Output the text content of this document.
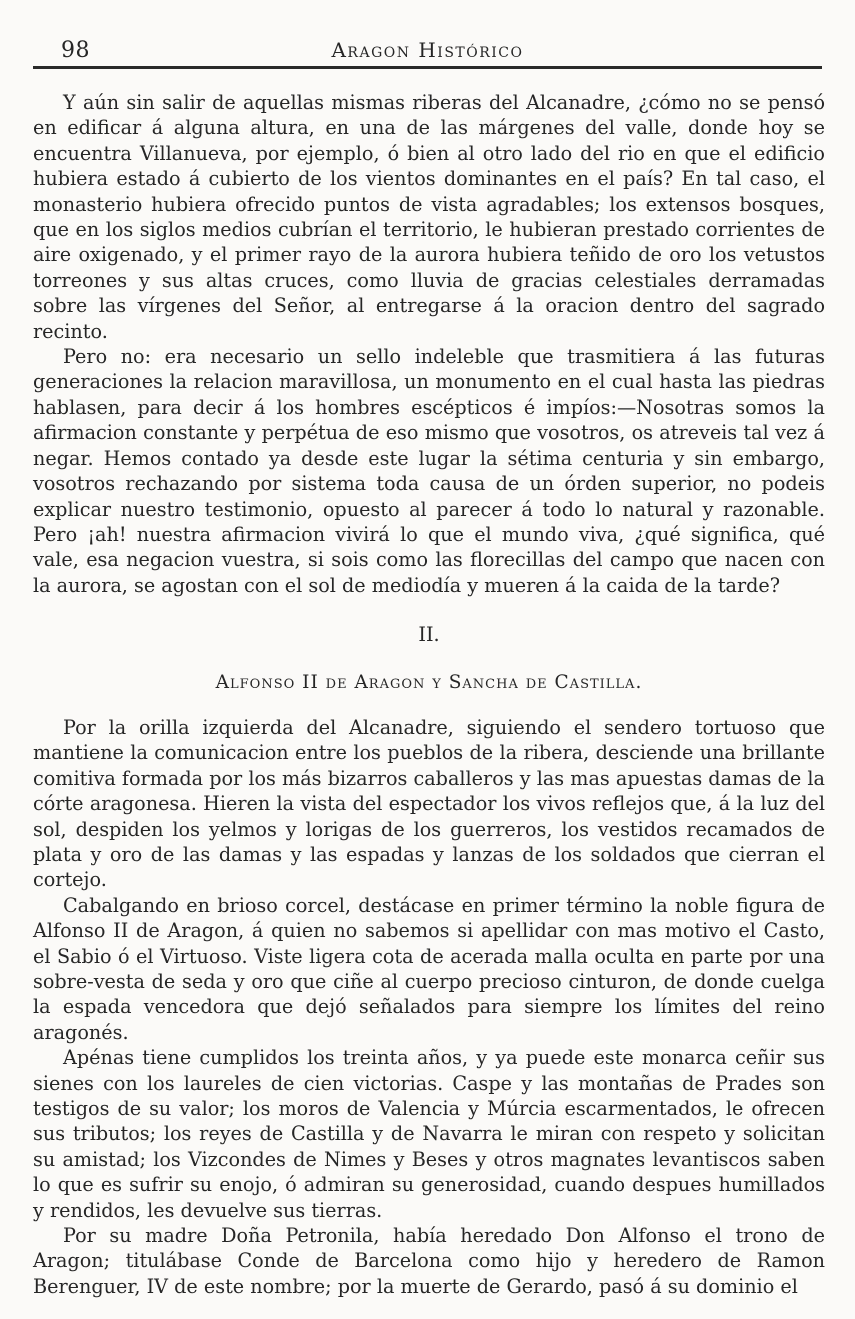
98	Aragon Histórico

Y aún sin salir de aquellas mismas riberas del Alcanadre, ¿cómo no se pensó en edificar á alguna altura, en una de las márgenes del valle, donde hoy se encuentra Villanueva, por ejemplo, ó bien al otro lado del rio en que el edificio hubiera estado á cubierto de los vientos dominantes en el país? En tal caso, el monasterio hubiera ofrecido puntos de vista agradables; los extensos bosques, que en los siglos medios cubrían el territorio, le hubieran prestado corrientes de aire oxigenado, y el primer rayo de la aurora hubiera teñido de oro los vetustos torreones y sus altas cruces, como lluvia de gracias celestiales derramadas sobre las vírgenes del Señor, al entregarse á la oracion dentro del sagrado recinto.

Pero no: era necesario un sello indeleble que trasmitiera á las futuras generaciones la relacion maravillosa, un monumento en el cual hasta las piedras hablasen, para decir á los hombres escépticos é impíos:—Nosotras somos la afirmacion constante y perpétua de eso mismo que vosotros, os atreveis tal vez á negar. Hemos contado ya desde este lugar la sétima centuria y sin embargo, vosotros rechazando por sistema toda causa de un órden superior, no podeis explicar nuestro testimonio, opuesto al parecer á todo lo natural y razonable. Pero ¡ah! nuestra afirmacion vivirá lo que el mundo viva, ¿qué significa, qué vale, esa negacion vuestra, si sois como las florecillas del campo que nacen con la aurora, se agostan con el sol de mediodía y mueren á la caida de la tarde?

II.
Alfonso II de Aragon y Sancha de Castilla.

Por la orilla izquierda del Alcanadre, siguiendo el sendero tortuoso que mantiene la comunicacion entre los pueblos de la ribera, desciende una brillante comitiva formada por los más bizarros caballeros y las mas apuestas damas de la córte aragonesa. Hieren la vista del espectador los vivos reflejos que, á la luz del sol, despiden los yelmos y lorigas de los guerreros, los vestidos recamados de plata y oro de las damas y las espadas y lanzas de los soldados que cierran el cortejo.

Cabalgando en brioso corcel, destácase en primer término la noble figura de Alfonso II de Aragon, á quien no sabemos si apellidar con mas motivo el Casto, el Sabio ó el Virtuoso. Viste ligera cota de acerada malla oculta en parte por una sobre-vesta de seda y oro que ciñe al cuerpo precioso cinturon, de donde cuelga la espada vencedora que dejó señalados para siempre los límites del reino aragonés.

Apénas tiene cumplidos los treinta años, y ya puede este monarca ceñir sus sienes con los laureles de cien victorias. Caspe y las montañas de Prades son testigos de su valor; los moros de Valencia y Múrcia escarmentados, le ofrecen sus tributos; los reyes de Castilla y de Navarra le miran con respeto y solicitan su amistad; los Vizcondes de Nimes y Beses y otros magnates levantiscos saben lo que es sufrir su enojo, ó admiran su generosidad, cuando despues humillados y rendidos, les devuelve sus tierras.

Por su madre Doña Petronila, había heredado Don Alfonso el trono de Aragon; titulábase Conde de Barcelona como hijo y heredero de Ramon Berenguer, IV de este nombre; por la muerte de Gerardo, pasó á su dominio el
